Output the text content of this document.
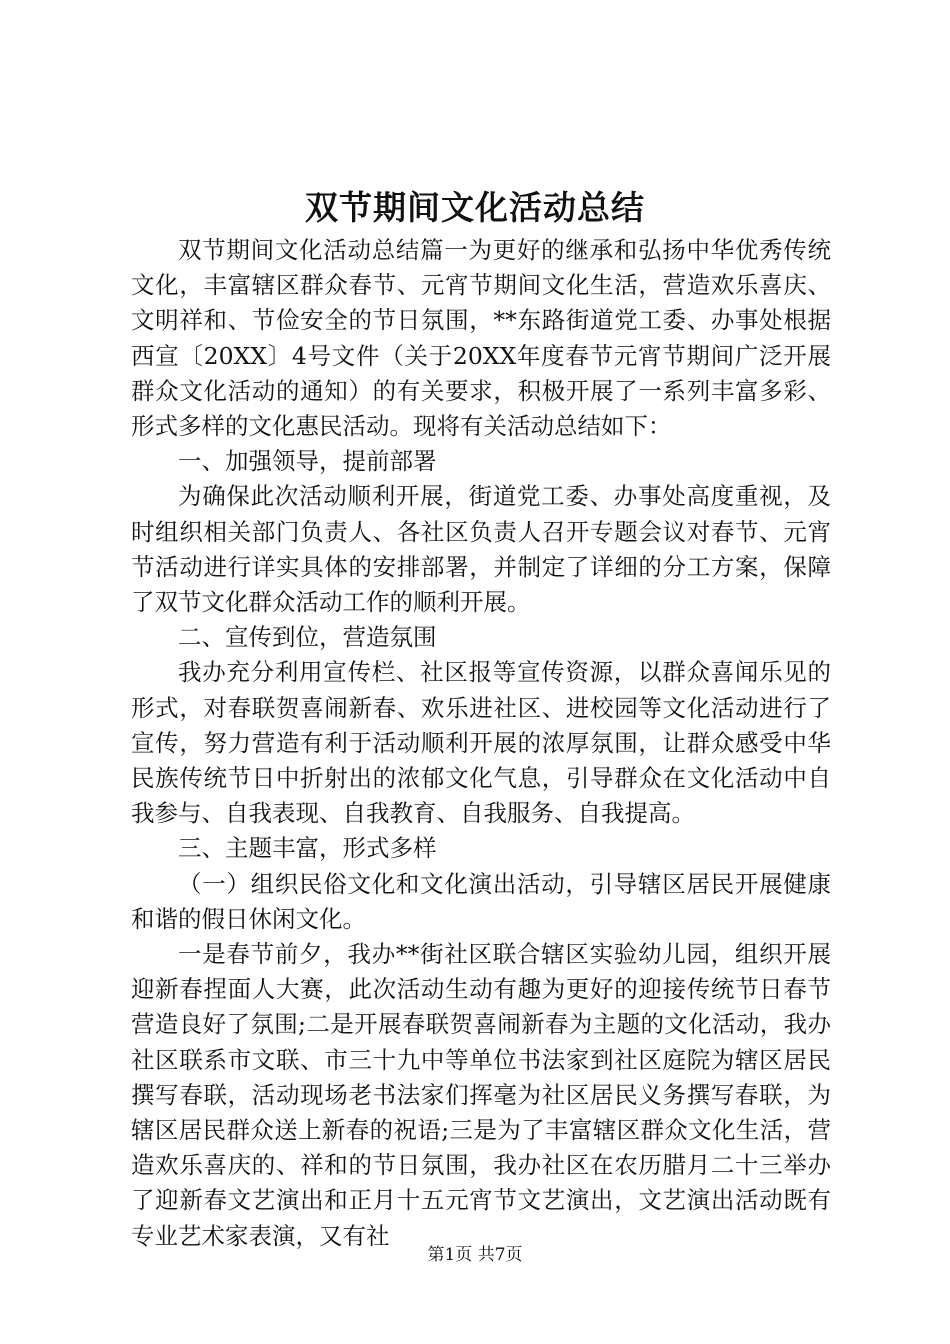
双节期间文化活动总结

双节期间文化活动总结篇一为更好的继承和弘扬中华优秀传统文化，丰富辖区群众春节、元宵节期间文化生活，营造欢乐喜庆、文明祥和、节俭安全的节日氛围，**东路街道党工委、办事处根据西宣〔20XX〕4号文件（关于20XX年度春节元宵节期间广泛开展群众文化活动的通知）的有关要求，积极开展了一系列丰富多彩、形式多样的文化惠民活动。现将有关活动总结如下：

一、加强领导，提前部署

为确保此次活动顺利开展，街道党工委、办事处高度重视，及时组织相关部门负责人、各社区负责人召开专题会议对春节、元宵节活动进行详实具体的安排部署，并制定了详细的分工方案，保障了双节文化群众活动工作的顺利开展。

二、宣传到位，营造氛围

我办充分利用宣传栏、社区报等宣传资源，以群众喜闻乐见的形式，对春联贺喜闹新春、欢乐进社区、进校园等文化活动进行了宣传，努力营造有利于活动顺利开展的浓厚氛围，让群众感受中华民族传统节日中折射出的浓郁文化气息，引导群众在文化活动中自我参与、自我表现、自我教育、自我服务、自我提高。

三、主题丰富，形式多样

（一）组织民俗文化和文化演出活动，引导辖区居民开展健康和谐的假日休闲文化。

一是春节前夕，我办**街社区联合辖区实验幼儿园，组织开展迎新春捏面人大赛，此次活动生动有趣为更好的迎接传统节日春节营造良好了氛围;二是开展春联贺喜闹新春为主题的文化活动，我办社区联系市文联、市三十九中等单位书法家到社区庭院为辖区居民撰写春联，活动现场老书法家们挥毫为社区居民义务撰写春联，为辖区居民群众送上新春的祝语;三是为了丰富辖区群众文化生活，营造欢乐喜庆的、祥和的节日氛围，我办社区在农历腊月二十三举办了迎新春文艺演出和正月十五元宵节文艺演出，文艺演出活动既有专业艺术家表演，又有社

第1页 共7页
